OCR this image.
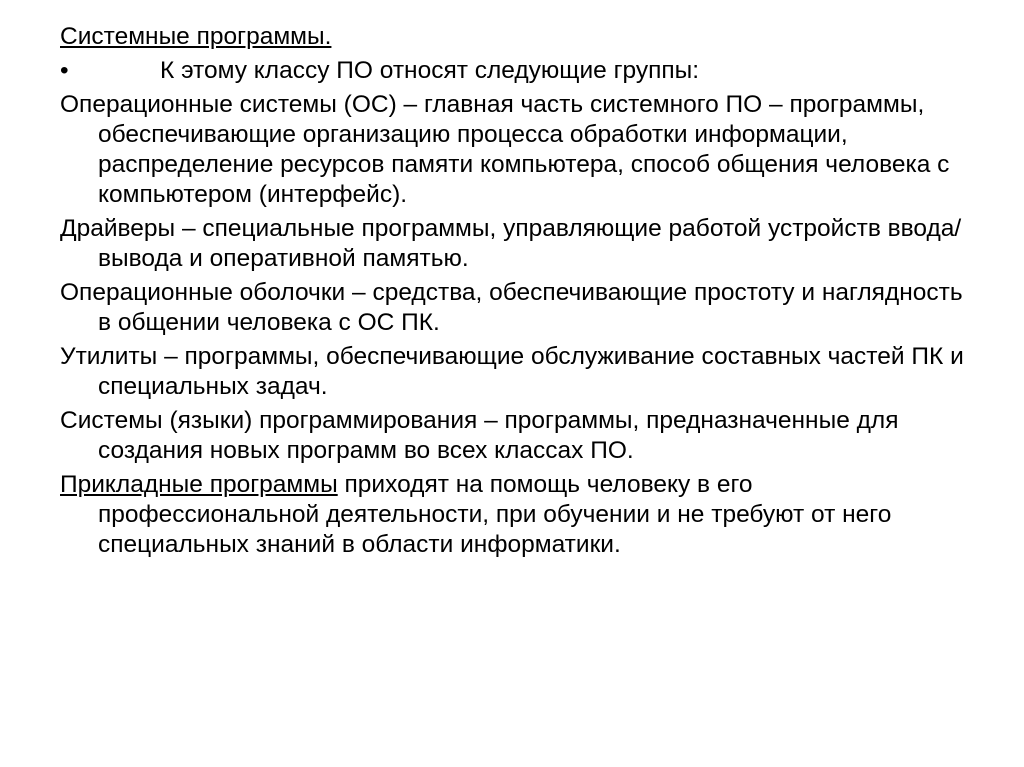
Системные программы.

•	К этому классу ПО относят следующие группы:

Операционные системы (ОС) – главная часть системного ПО – программы, обеспечивающие организацию процесса обработки информации, распределение ресурсов памяти компьютера, способ общения человека с компьютером (интерфейс).

Драйверы – специальные программы, управляющие работой устройств ввода/вывода и оперативной памятью.

Операционные оболочки – средства, обеспечивающие простоту и наглядность в общении человека с ОС ПК.

Утилиты – программы, обеспечивающие обслуживание составных частей ПК и специальных задач.

Системы (языки) программирования – программы, предназначенные для создания новых программ во всех классах ПО.

Прикладные программы приходят на помощь человеку в его профессиональной деятельности, при обучении и не требуют от него специальных знаний в области информатики.
